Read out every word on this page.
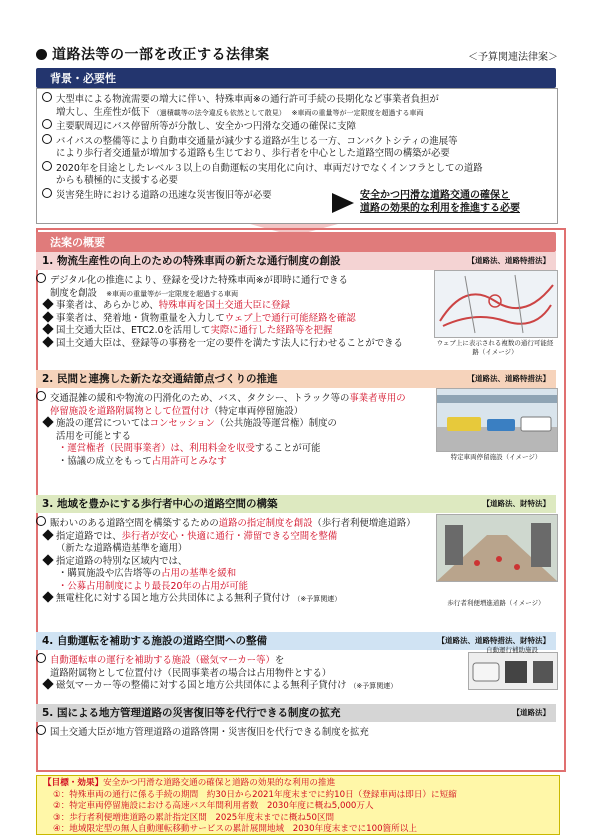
道路法等の一部を改正する法律案	＜予算関連法律案＞
背景・必要性
大型車による物流需要の増大に伴い、特殊車両※の通行許可手続の長期化など事業者負担が
増大し、生産性が低下 （過積載等の法令違反も依然として散見）　 ※車両の重量等が一定限度を超過する車両
主要駅周辺にバス停留所等が分散し、安全かつ円滑な交通の確保に支障
バイパスの整備等により自動車交通量が減少する道路が生じる一方、コンパクトシティの進展等
により歩行者交通量が増加する道路も生じており、歩行者を中心とした道路空間の構築が必要
2020年を目途としたレベル３以上の自動運転の実用化に向け、車両だけでなくインフラとしての道路
からも積極的に支援する必要
災害発生時における道路の迅速な災害復旧等が必要	安全かつ円滑な道路交通の確保と
道路の効果的な利用を推進する必要
法案の概要
1. 物流生産性の向上のための特殊車両の新たな通行制度の創設	【道路法、道路特措法】
デジタル化の推進により、登録を受けた特殊車両※が即時に通行できる
制度を創設　 ※車両の重量等が一定限度を超過する車両
事業者は、あらかじめ、特殊車両を国土交通大臣に登録
事業者は、発着地・貨物重量を入力してウェブ上で通行可能経路を確認
国土交通大臣は、ETC2.0を活用して実際に通行した経路等を把握
国土交通大臣は、登録等の事務を一定の要件を満たす法人に行わせることができる	ウェブ上に表示される複数の通行可能経路（イメージ）
2. 民間と連携した新たな交通結節点づくりの推進	【道路法、道路特措法】
交通混雑の緩和や物流の円滑化のため、バス、タクシー、トラック等の事業者専用の
停留施設を道路附属物として位置付け（特定車両停留施設）
施設の運営についてはコンセッション（公共施設等運営権）制度の
活用を可能とする
・運営権者（民間事業者）は、利用料金を収受することが可能
・協議の成立をもって占用許可とみなす	特定車両停留施設（イメージ）
3. 地域を豊かにする歩行者中心の道路空間の構築	【道路法、財特法】
賑わいのある道路空間を構築するための道路の指定制度を創設（歩行者利便増進道路）
指定道路では、歩行者が安心・快適に通行・滞留できる空間を整備
（新たな道路構造基準を適用）
指定道路の特別な区域内では、
・購買施設や広告塔等の占用の基準を緩和
・公募占用制度により最長20年の占用が可能
無電柱化に対する国と地方公共団体による無利子貸付け （※予算関連）	歩行者利便増進道路（イメージ）
4. 自動運転を補助する施設の道路空間への整備	【道路法、道路特措法、財特法】
自動運転車の運行を補助する施設（磁気マーカー等）を
道路附属物として位置付け（民間事業者の場合は占用物件とする）
磁気マーカー等の整備に対する国と地方公共団体による無利子貸付け （※予算関連）
自動運行補助施設
5. 国による地方管理道路の災害復旧等を代行できる制度の拡充	【道路法】
国土交通大臣が地方管理道路の道路啓開・災害復旧を代行できる制度を拡充
【目標・効果】安全かつ円滑な道路交通の確保と道路の効果的な利用の推進
①：特殊車両の通行に係る手続の期間　約30日から2021年度末までに約10日（登録車両は即日）に短縮
②：特定車両停留施設における高速バス年間利用者数　2030年度に概ね5,000万人
③：歩行者利便増進道路の累計指定区間　2025年度末までに概ね50区間
④：地域限定型の無人自動運転移動サービスの累計展開地域　2030年度末までに100箇所以上
